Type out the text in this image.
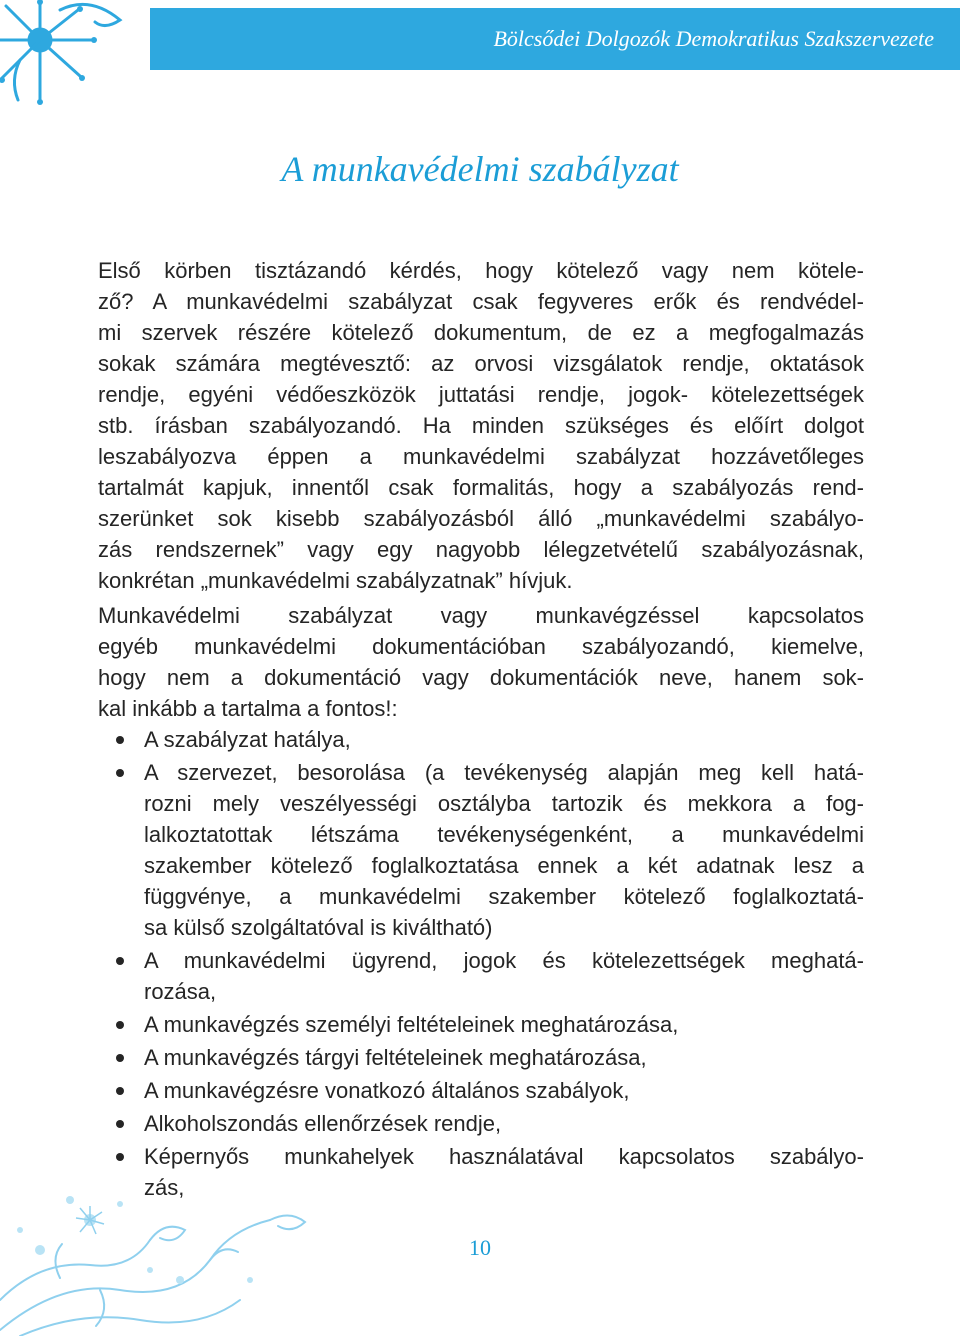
Bölcsődei Dolgozók Demokratikus Szakszervezete
A munkavédelmi szabályzat
Első körben tisztázandó kérdés, hogy kötelező vagy nem kötele-
ző? A munkavédelmi szabályzat csak fegyveres erők és rendvédel-
mi szervek részére kötelező dokumentum, de ez a megfogalmazás
sokak számára megtévesztő: az orvosi vizsgálatok rendje, oktatások
rendje, egyéni védőeszközök juttatási rendje, jogok- kötelezettségek
stb. írásban szabályozandó. Ha minden szükséges és előírt dolgot
leszabályozva éppen a munkavédelmi szabályzat hozzávetőleges
tartalmát kapjuk, innentől csak formalitás, hogy a szabályozás rend-
szerünket sok kisebb szabályozásból álló „munkavédelmi szabályo-
zás rendszernek” vagy egy nagyobb lélegzetvételű szabályozásnak,
konkrétan „munkavédelmi szabályzatnak” hívjuk.
Munkavédelmi szabályzat vagy munkavégzéssel kapcsolatos
egyéb munkavédelmi dokumentációban szabályozandó, kiemelve,
hogy nem a dokumentáció vagy dokumentációk neve, hanem sok-
kal inkább a tartalma a fontos!:
A szabályzat hatálya,
A szervezet, besorolása (a tevékenység alapján meg kell hatá-
rozni mely veszélyességi osztályba tartozik és mekkora a fog-
lalkoztatottak létszáma tevékenységenként, a munkavédelmi
szakember kötelező foglalkoztatása ennek a két adatnak lesz a
függvénye, a munkavédelmi szakember kötelező foglalkoztatá-
sa külső szolgáltatóval is kiváltható)
A munkavédelmi ügyrend, jogok és kötelezettségek meghatá-
rozása,
A munkavégzés személyi feltételeinek meghatározása,
A munkavégzés tárgyi feltételeinek meghatározása,
A munkavégzésre vonatkozó általános szabályok,
Alkoholszondás ellenőrzések rendje,
Képernyős munkahelyek használatával kapcsolatos szabályo-
zás,
10
